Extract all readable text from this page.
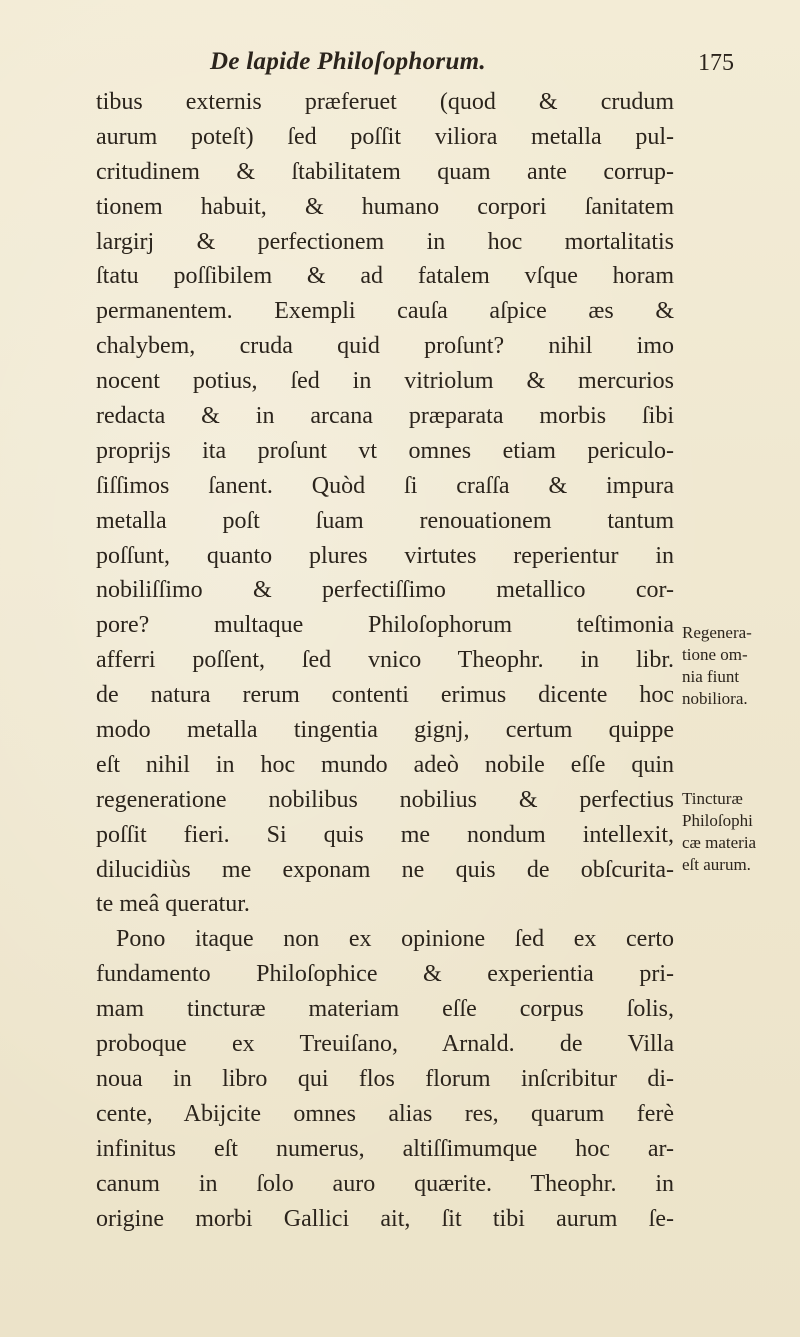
De lapide Philoſophorum.	175
tibus externis præferuet (quod & crudum
aurum poteſt) ſed poſſit viliora metalla pul-
critudinem & ſtabilitatem quam ante corrup-
tionem habuit, & humano corpori ſanitatem
largirj & perfectionem in hoc mortalitatis
ſtatu poſſibilem & ad fatalem vſque horam
permanentem. Exempli cauſa aſpice æs &
chalybem, cruda quid proſunt? nihil imo
nocent potius, ſed in vitriolum & mercurios
redacta & in arcana præparata morbis ſibi
proprijs ita proſunt vt omnes etiam periculo-
ſiſſimos ſanent. Quòd ſi craſſa & impura
metalla poſt ſuam renouationem tantum
poſſunt, quanto plures virtutes reperientur in
nobiliſſimo & perfectiſſimo metallico cor-
pore? multaque Philoſophorum teſtimonia
afferri poſſent, ſed vnico Theophr. in libr.
de natura rerum contenti erimus dicente hoc
modo metalla tingentia gignj, certum quippe
eſt nihil in hoc mundo adeò nobile eſſe quin
regeneratione nobilibus nobilius & perfectius
poſſit fieri. Si quis me nondum intellexit,
dilucidiùs me exponam ne quis de obſcurita-
te meâ queratur.
Pono itaque non ex opinione ſed ex certo
fundamento Philoſophice & experientia pri-
mam tincturæ materiam eſſe corpus ſolis,
proboque ex Treuiſano, Arnald. de Villa
noua in libro qui flos florum inſcribitur di-
cente, Abijcite omnes alias res, quarum ferè
infinitus eſt numerus, altiſſimumque hoc ar-
canum in ſolo auro quærite. Theophr. in
origine morbi Gallici ait, ſit tibi aurum ſe-
Regenera-
tione om-
nia fiunt
nobiliora.
Tincturæ
Philoſophi
cæ materia
eſt aurum.
